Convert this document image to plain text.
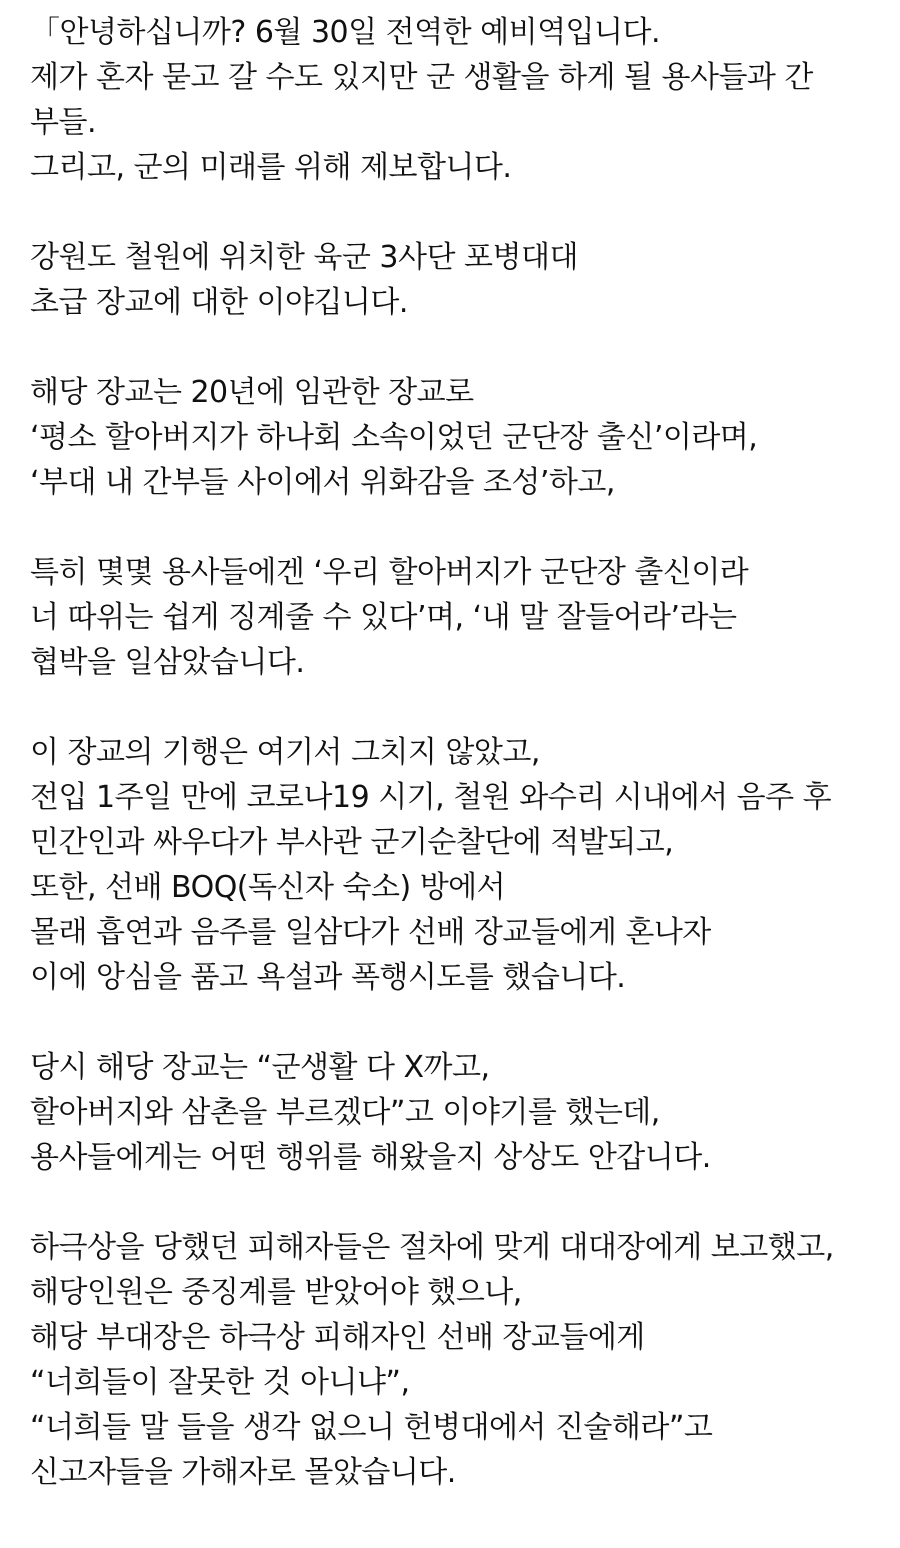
「안녕하십니까? 6월 30일 전역한 예비역입니다.
제가 혼자 묻고 갈 수도 있지만 군 생활을 하게 될 용사들과 간
부들.
그리고, 군의 미래를 위해 제보합니다.
강원도 철원에 위치한 육군 3사단 포병대대
초급 장교에 대한 이야깁니다.
해당 장교는 20년에 임관한 장교로
‘평소 할아버지가 하나회 소속이었던 군단장 출신’이라며,
‘부대 내 간부들 사이에서 위화감을 조성’하고,
특히 몇몇 용사들에겐 ‘우리 할아버지가 군단장 출신이라
너 따위는 쉽게 징계줄 수 있다’며, ‘내 말 잘들어라’라는
협박을 일삼았습니다.
이 장교의 기행은 여기서 그치지 않았고,
전입 1주일 만에 코로나19 시기, 철원 와수리 시내에서 음주 후
민간인과 싸우다가 부사관 군기순찰단에 적발되고,
또한, 선배 BOQ(독신자 숙소) 방에서
몰래 흡연과 음주를 일삼다가 선배 장교들에게 혼나자
이에 앙심을 품고 욕설과 폭행시도를 했습니다.
당시 해당 장교는 “군생활 다 X까고,
할아버지와 삼촌을 부르겠다”고 이야기를 했는데,
용사들에게는 어떤 행위를 해왔을지 상상도 안갑니다.
하극상을 당했던 피해자들은 절차에 맞게 대대장에게 보고했고,
해당인원은 중징계를 받았어야 했으나,
해당 부대장은 하극상 피해자인 선배 장교들에게
“너희들이 잘못한 것 아니냐”,
“너희들 말 들을 생각 없으니 헌병대에서 진술해라”고
신고자들을 가해자로 몰았습니다.
